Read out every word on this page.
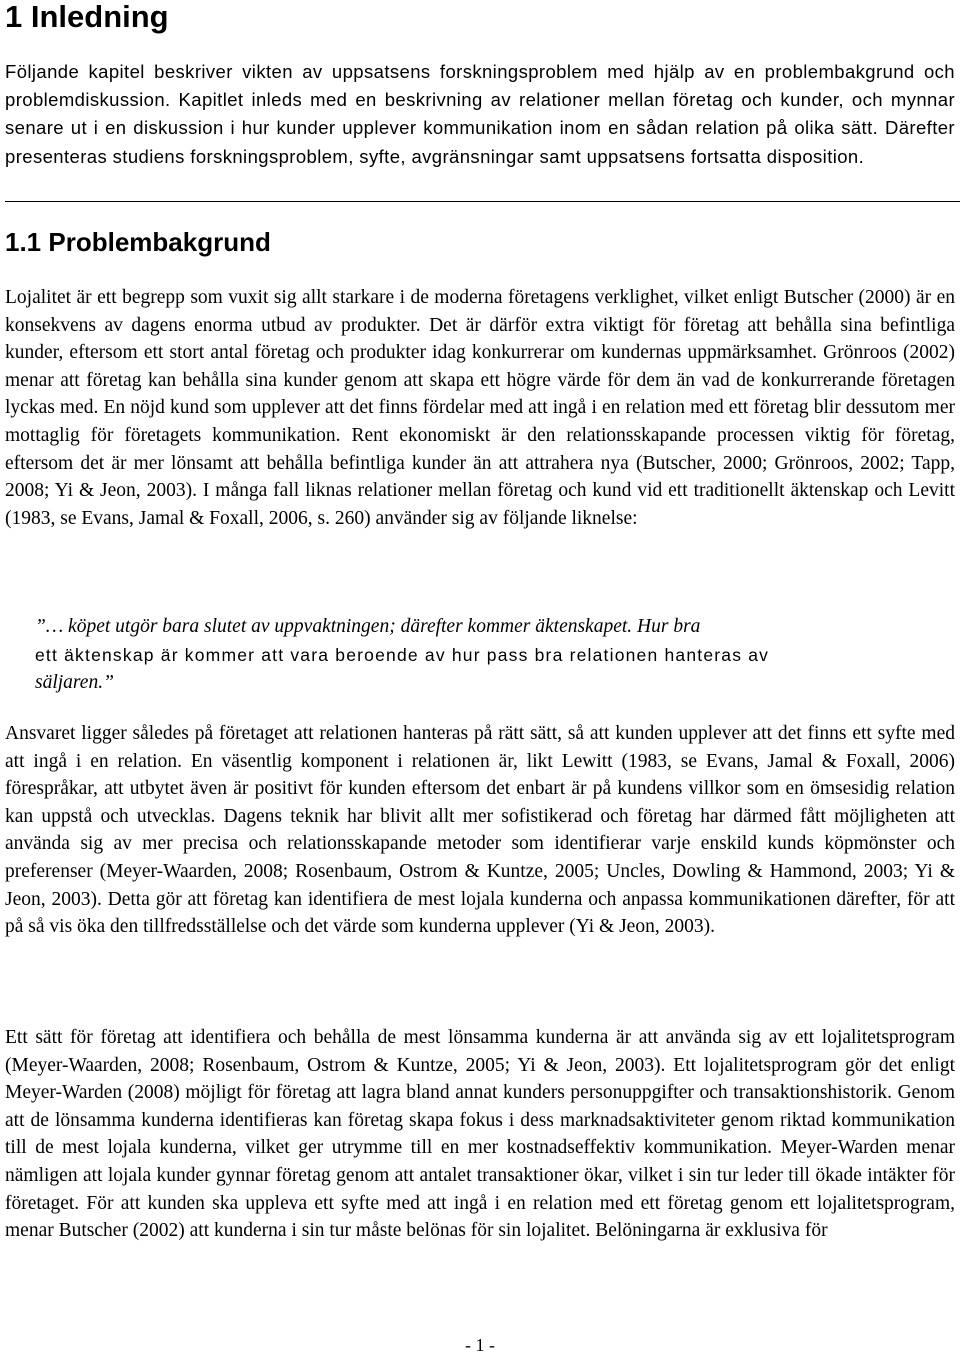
1 Inledning

Följande kapitel beskriver vikten av uppsatsens forskningsproblem med hjälp av en problembakgrund och problemdiskussion. Kapitlet inleds med en beskrivning av relationer mellan företag och kunder, och mynnar senare ut i en diskussion i hur kunder upplever kommunikation inom en sådan relation på olika sätt. Därefter presenteras studiens forskningsproblem, syfte, avgränsningar samt uppsatsens fortsatta disposition.

1.1 Problembakgrund

Lojalitet är ett begrepp som vuxit sig allt starkare i de moderna företagens verklighet, vilket enligt Butscher (2000) är en konsekvens av dagens enorma utbud av produkter. Det är därför extra viktigt för företag att behålla sina befintliga kunder, eftersom ett stort antal företag och produkter idag konkurrerar om kundernas uppmärksamhet. Grönroos (2002) menar att företag kan behålla sina kunder genom att skapa ett högre värde för dem än vad de konkurrerande företagen lyckas med. En nöjd kund som upplever att det finns fördelar med att ingå i en relation med ett företag blir dessutom mer mottaglig för företagets kommunikation. Rent ekonomiskt är den relationsskapande processen viktig för företag, eftersom det är mer lönsamt att behålla befintliga kunder än att attrahera nya (Butscher, 2000; Grönroos, 2002; Tapp, 2008; Yi & Jeon, 2003). I många fall liknas relationer mellan företag och kund vid ett traditionellt äktenskap och Levitt (1983, se Evans, Jamal & Foxall, 2006, s. 260) använder sig av följande liknelse:

”… köpet utgör bara slutet av uppvaktningen; därefter kommer äktenskapet. Hur bra
ett äktenskap är kommer att vara beroende av hur pass bra relationen hanteras av
säljaren.”

Ansvaret ligger således på företaget att relationen hanteras på rätt sätt, så att kunden upplever att det finns ett syfte med att ingå i en relation. En väsentlig komponent i relationen är, likt Lewitt (1983, se Evans, Jamal & Foxall, 2006) förespråkar, att utbytet även är positivt för kunden eftersom det enbart är på kundens villkor som en ömsesidig relation kan uppstå och utvecklas. Dagens teknik har blivit allt mer sofistikerad och företag har därmed fått möjligheten att använda sig av mer precisa och relationsskapande metoder som identifierar varje enskild kunds köpmönster och preferenser (Meyer-Waarden, 2008; Rosenbaum, Ostrom & Kuntze, 2005; Uncles, Dowling & Hammond, 2003; Yi & Jeon, 2003). Detta gör att företag kan identifiera de mest lojala kunderna och anpassa kommunikationen därefter, för att på så vis öka den tillfredsställelse och det värde som kunderna upplever (Yi & Jeon, 2003).

Ett sätt för företag att identifiera och behålla de mest lönsamma kunderna är att använda sig av ett lojalitetsprogram (Meyer-Waarden, 2008; Rosenbaum, Ostrom & Kuntze, 2005; Yi & Jeon, 2003). Ett lojalitetsprogram gör det enligt Meyer-Warden (2008) möjligt för företag att lagra bland annat kunders personuppgifter och transaktionshistorik. Genom att de lönsamma kunderna identifieras kan företag skapa fokus i dess marknadsaktiviteter genom riktad kommunikation till de mest lojala kunderna, vilket ger utrymme till en mer kostnadseffektiv kommunikation. Meyer-Warden menar nämligen att lojala kunder gynnar företag genom att antalet transaktioner ökar, vilket i sin tur leder till ökade intäkter för företaget. För att kunden ska uppleva ett syfte med att ingå i en relation med ett företag genom ett lojalitetsprogram, menar Butscher (2002) att kunderna i sin tur måste belönas för sin lojalitet. Belöningarna är exklusiva för

- 1 -
